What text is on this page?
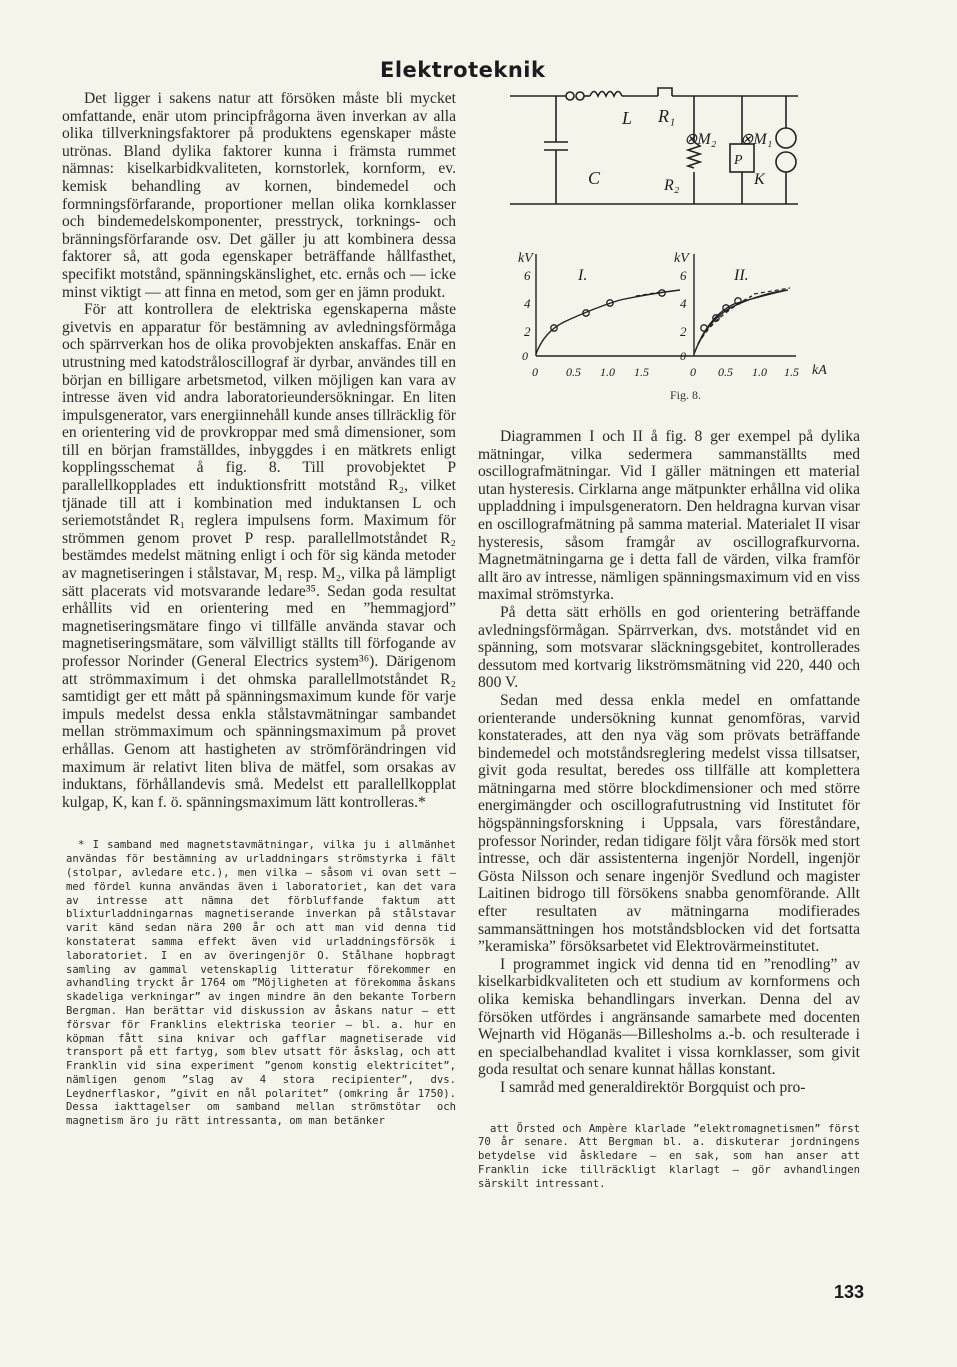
Elektroteknik

Det ligger i sakens natur att försöken måste bli mycket omfattande, enär utom principfrågorna även inverkan av alla olika tillverkningsfaktorer på produktens egenskaper måste utrönas. Bland dylika faktorer kunna i främsta rummet nämnas: kiselkarbidkvaliteten, kornstorlek, kornform, ev. kemisk behandling av kornen, bindemedel och formningsförfarande, proportioner mellan olika kornklasser och bindemedelskomponenter, presstryck, torknings- och bränningsförfarande osv. Det gäller ju att kombinera dessa faktorer så, att goda egenskaper beträffande hållfasthet, specifikt motstånd, spänningskänslighet, etc. ernås och — icke minst viktigt — att finna en metod, som ger en jämn produkt.

För att kontrollera de elektriska egenskaperna måste givetvis en apparatur för bestämning av avledningsförmåga och spärrverkan hos de olika provobjekten anskaffas. Enär en utrustning med katodstråloscillograf är dyrbar, användes till en början en billigare arbetsmetod, vilken möjligen kan vara av intresse även vid andra laboratorieundersökningar. En liten impulsgenerator, vars energiinnehåll kunde anses tillräcklig för en orientering vid de provkroppar med små dimensioner, som till en början framställdes, inbyggdes i en mätkrets enligt kopplingsschemat å fig. 8. Till provobjektet P parallellkopplades ett induktionsfritt motstånd R₂, vilket tjänade till att i kombination med induktansen L och seriemotståndet R₁ reglera impulsens form. Maximum för strömmen genom provet P resp. parallellmotståndet R₂ bestämdes medelst mätning enligt i och för sig kända metoder av magnetiseringen i stålstavar, M₁ resp. M₂, vilka på lämpligt sätt placerats vid motsvarande ledare³⁵. Sedan goda resultat erhållits vid en orientering med en ”hemmagjord” magnetiseringsmätare fingo vi tillfälle använda stavar och magnetiseringsmätare, som välvilligt ställts till förfogande av professor Norinder (General Electrics system³⁶). Därigenom att strömmaximum i det ohmska parallellmotståndet R₂ samtidigt ger ett mått på spänningsmaximum kunde för varje impuls medelst dessa enkla stålstavmätningar sambandet mellan strömmaximum och spänningsmaximum på provet erhållas. Genom att hastigheten av strömförändringen vid maximum är relativt liten bliva de mätfel, som orsakas av induktans, förhållandevis små. Medelst ett parallellkopplat kulgap, K, kan f. ö. spänningsmaximum lätt kontrolleras.*

* I samband med magnetstavmätningar, vilka ju i allmänhet användas för bestämning av urladdningars strömstyrka i fält (stolpar, avledare etc.), men vilka — såsom vi ovan sett — med fördel kunna användas även i laboratoriet, kan det vara av intresse att nämna det förbluffande faktum att blixturladdningarnas magnetiserande inverkan på stålstavar varit känd sedan nära 200 år och att man vid denna tid konstaterat samma effekt även vid urladdningsförsök i laboratoriet. I en av överingenjör O. Stålhane hopbragt samling av gammal vetenskaplig litteratur förekommer en avhandling tryckt år 1764 om ”Möjligheten at förekomma åskans skadeliga verkningar” av ingen mindre än den bekante Torbern Bergman. Han berättar vid diskussion av åskans natur — ett försvar för Franklins elektriska teorier — bl. a. hur en köpman fått sina knivar och gafflar magnetiserade vid transport på ett fartyg, som blev utsatt för åskslag, och att Franklin vid sina experiment ”genom konstig elektricitet”, nämligen genom ”slag av 4 stora recipienter”, dvs. Leydnerflaskor, ”givit en nål polaritet” (omkring år 1750). Dessa iakttagelser om samband mellan strömstötar och magnetism äro ju rätt intressanta, om man betänker

L R₁
⊗M₂ ⊗M₁
C	R₂
P
K
kV	kV
I.	II.
6
4
2
0
6
4
2
0
0 0.5 1.0 1.5	0 0.5 1.0 1.5 kA
Fig. 8.

Diagrammen I och II å fig. 8 ger exempel på dylika mätningar, vilka sedermera sammanställts med oscillografmätningar. Vid I gäller mätningen ett material utan hysteresis. Cirklarna ange mätpunkter erhållna vid olika uppladdning i impulsgeneratorn. Den heldragna kurvan visar en oscillografmätning på samma material. Materialet II visar hysteresis, såsom framgår av oscillografkurvorna. Magnetmätningarna ge i detta fall de värden, vilka framför allt äro av intresse, nämligen spänningsmaximum vid en viss maximal strömstyrka.

På detta sätt erhölls en god orientering beträffande avledningsförmågan. Spärrverkan, dvs. motståndet vid en spänning, som motsvarar släckningsgebitet, kontrollerades dessutom med kortvarig likströmsmätning vid 220, 440 och 800 V.

Sedan med dessa enkla medel en omfattande orienterande undersökning kunnat genomföras, varvid konstaterades, att den nya väg som prövats beträffande bindemedel och motståndsreglering medelst vissa tillsatser, givit goda resultat, beredes oss tillfälle att komplettera mätningarna med större blockdimensioner och med större energimängder och oscillografutrustning vid Institutet för högspänningsforskning i Uppsala, vars föreståndare, professor Norinder, redan tidigare följt våra försök med stort intresse, och där assistenterna ingenjör Nordell, ingenjör Gösta Nilsson och senare ingenjör Svedlund och magister Laitinen bidrogo till försökens snabba genomförande. Allt efter resultaten av mätningarna modifierades sammansättningen hos motståndsblocken vid det fortsatta ”keramiska” försöksarbetet vid Elektrovärmeinstitutet.

I programmet ingick vid denna tid en ”renodling” av kiselkarbidkvaliteten och ett studium av kornformens och olika kemiska behandlingars inverkan. Denna del av försöken utfördes i angränsande samarbete med docenten Wejnarth vid Höganäs—Billesholms a.-b. och resulterade i en specialbehandlad kvalitet i vissa kornklasser, som givit goda resultat och senare kunnat hållas konstant.

I samråd med generaldirektör Borgquist och pro-

att Örsted och Ampère klarlade ”elektromagnetismen” först 70 år senare. Att Bergman bl. a. diskuterar jordningens betydelse vid åskledare — en sak, som han anser att Franklin icke tillräckligt klarlagt — gör avhandlingen särskilt intressant.

133
